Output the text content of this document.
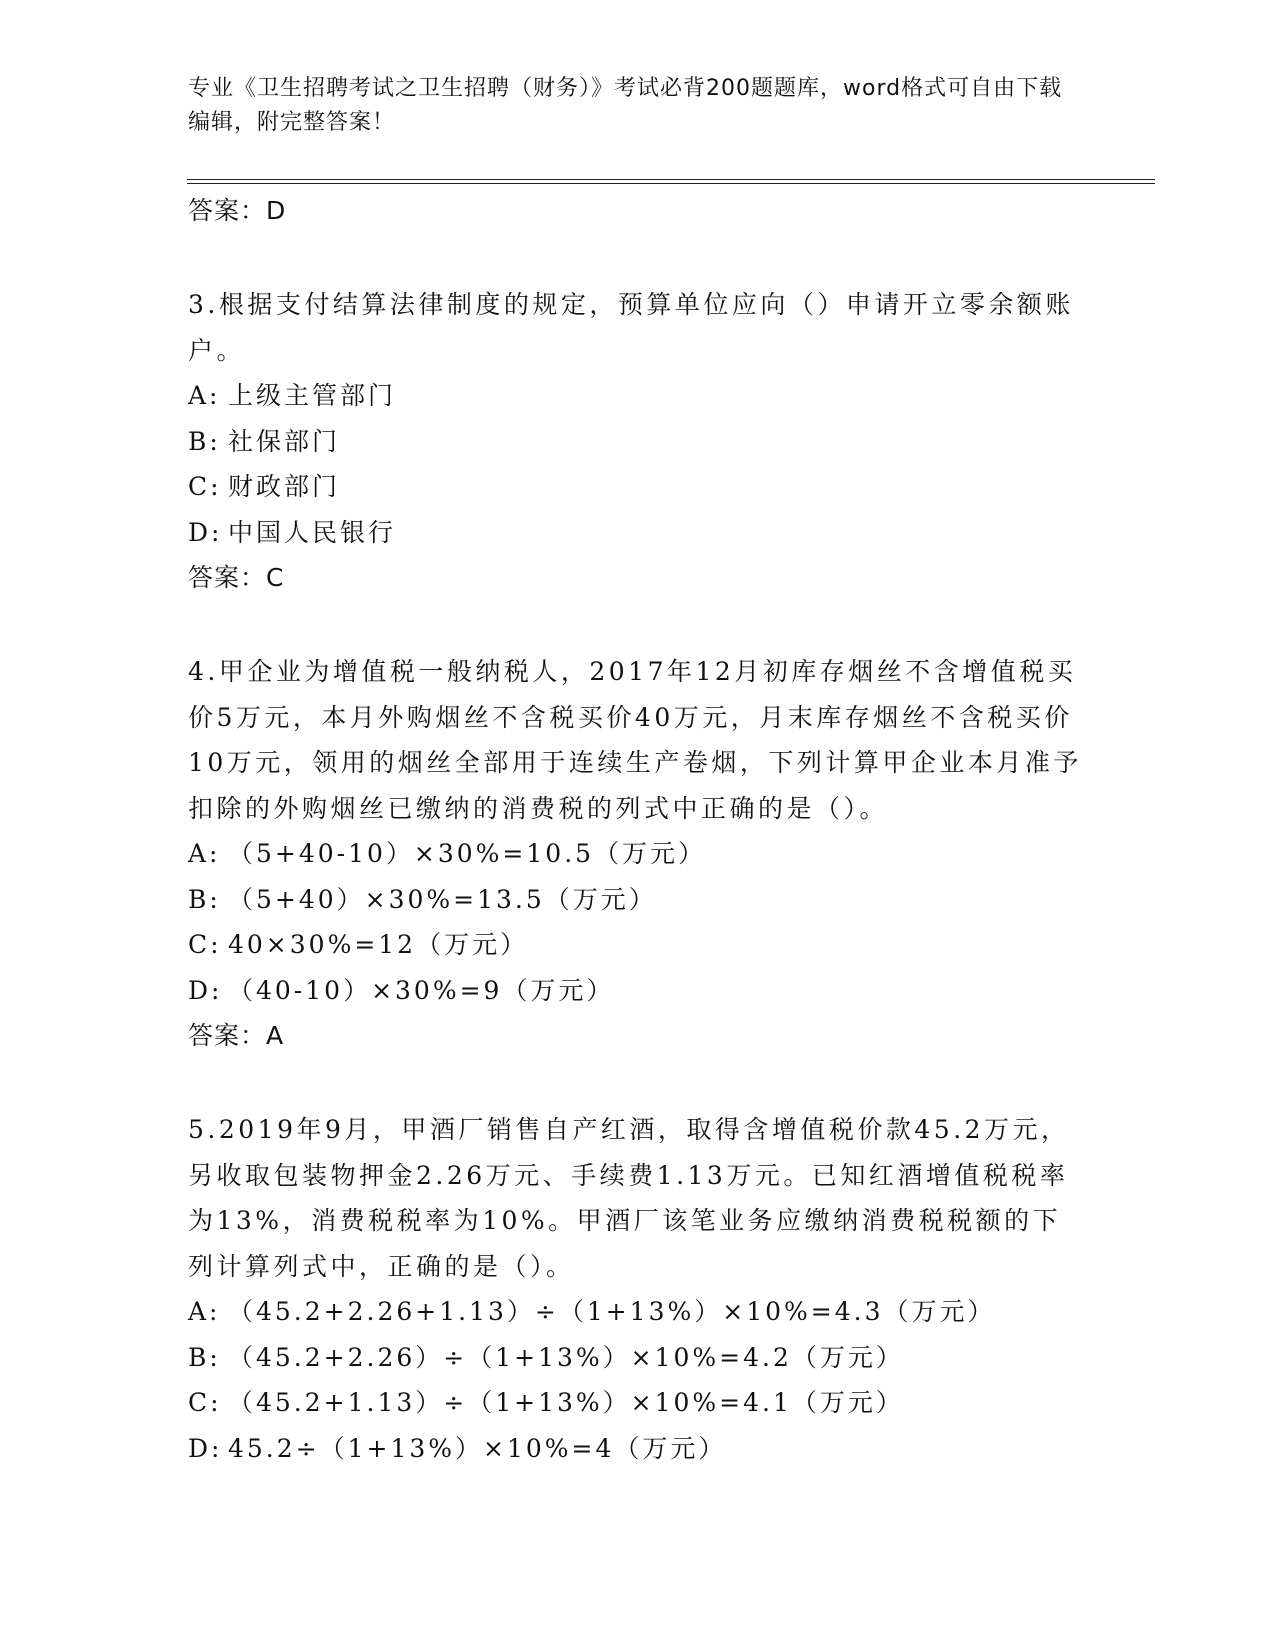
专业《卫生招聘考试之卫生招聘（财务）》考试必背200题题库，word格式可自由下载编辑，附完整答案！
答案：D
3.根据支付结算法律制度的规定，预算单位应向（）申请开立零余额账户。
A: 上级主管部门
B: 社保部门
C: 财政部门
D: 中国人民银行
答案：C
4.甲企业为增值税一般纳税人，2017年12月初库存烟丝不含增值税买价5万元，本月外购烟丝不含税买价40万元，月末库存烟丝不含税买价10万元，领用的烟丝全部用于连续生产卷烟，下列计算甲企业本月准予扣除的外购烟丝已缴纳的消费税的列式中正确的是（）。
A: （5+40-10）×30%=10.5（万元）
B: （5+40）×30%=13.5（万元）
C: 40×30%=12（万元）
D: （40-10）×30%=9（万元）
答案：A
5.2019年9月，甲酒厂销售自产红酒，取得含增值税价款45.2万元，另收取包装物押金2.26万元、手续费1.13万元。已知红酒增值税税率为13%，消费税税率为10%。甲酒厂该笔业务应缴纳消费税税额的下列计算列式中，正确的是（）。
A: （45.2+2.26+1.13）÷（1+13%）×10%=4.3（万元）
B: （45.2+2.26）÷（1+13%）×10%=4.2（万元）
C: （45.2+1.13）÷（1+13%）×10%=4.1（万元）
D: 45.2÷（1+13%）×10%=4（万元）
